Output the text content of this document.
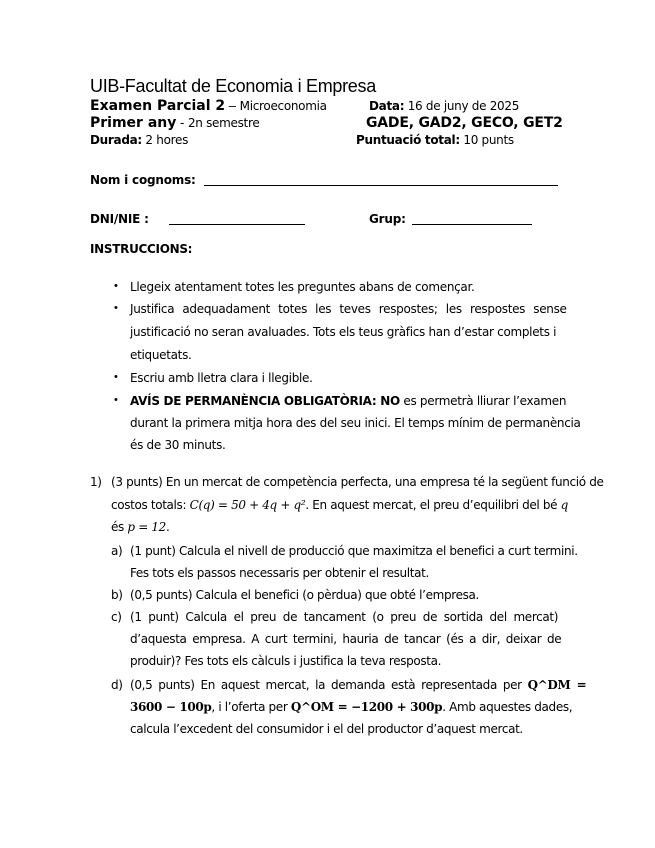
UIB-Facultat de Economia i Empresa
Examen Parcial 2 – Microeconomia	Data: 16 de juny de 2025
Primer any - 2n semestre	GADE, GAD2, GECO, GET2
Durada: 2 hores	Puntuació total: 10 punts
Nom i cognoms:
DNI/NIE :	Grup:
INSTRUCCIONS:
• Llegeix atentament totes les preguntes abans de començar.
• Justifica adequadament totes les teves respostes; les respostes sense
justificació no seran avaluades. Tots els teus gràfics han d’estar complets i
etiquetats.
• Escriu amb lletra clara i llegible.
• AVÍS DE PERMANÈNCIA OBLIGATÒRIA: NO es permetrà lliurar l’examen
durant la primera mitja hora des del seu inici. El temps mínim de permanència
és de 30 minuts.
1) (3 punts) En un mercat de competència perfecta, una empresa té la següent funció de
costos totals: C(q) = 50 + 4q + q². En aquest mercat, el preu d’equilibri del bé q
és p = 12.
a) (1 punt) Calcula el nivell de producció que maximitza el benefici a curt termini.
Fes tots els passos necessaris per obtenir el resultat.
b) (0,5 punts) Calcula el benefici (o pèrdua) que obté l’empresa.
c) (1 punt) Calcula el preu de tancament (o preu de sortida del mercat)
d’aquesta empresa. A curt termini, hauria de tancar (és a dir, deixar de
produir)? Fes tots els càlculs i justifica la teva resposta.
d) (0,5 punts) En aquest mercat, la demanda està representada per Q^DM =
3600 − 100p, i l’oferta per Q^OM = −1200 + 300p. Amb aquestes dades,
calcula l’excedent del consumidor i el del productor d’aquest mercat.
